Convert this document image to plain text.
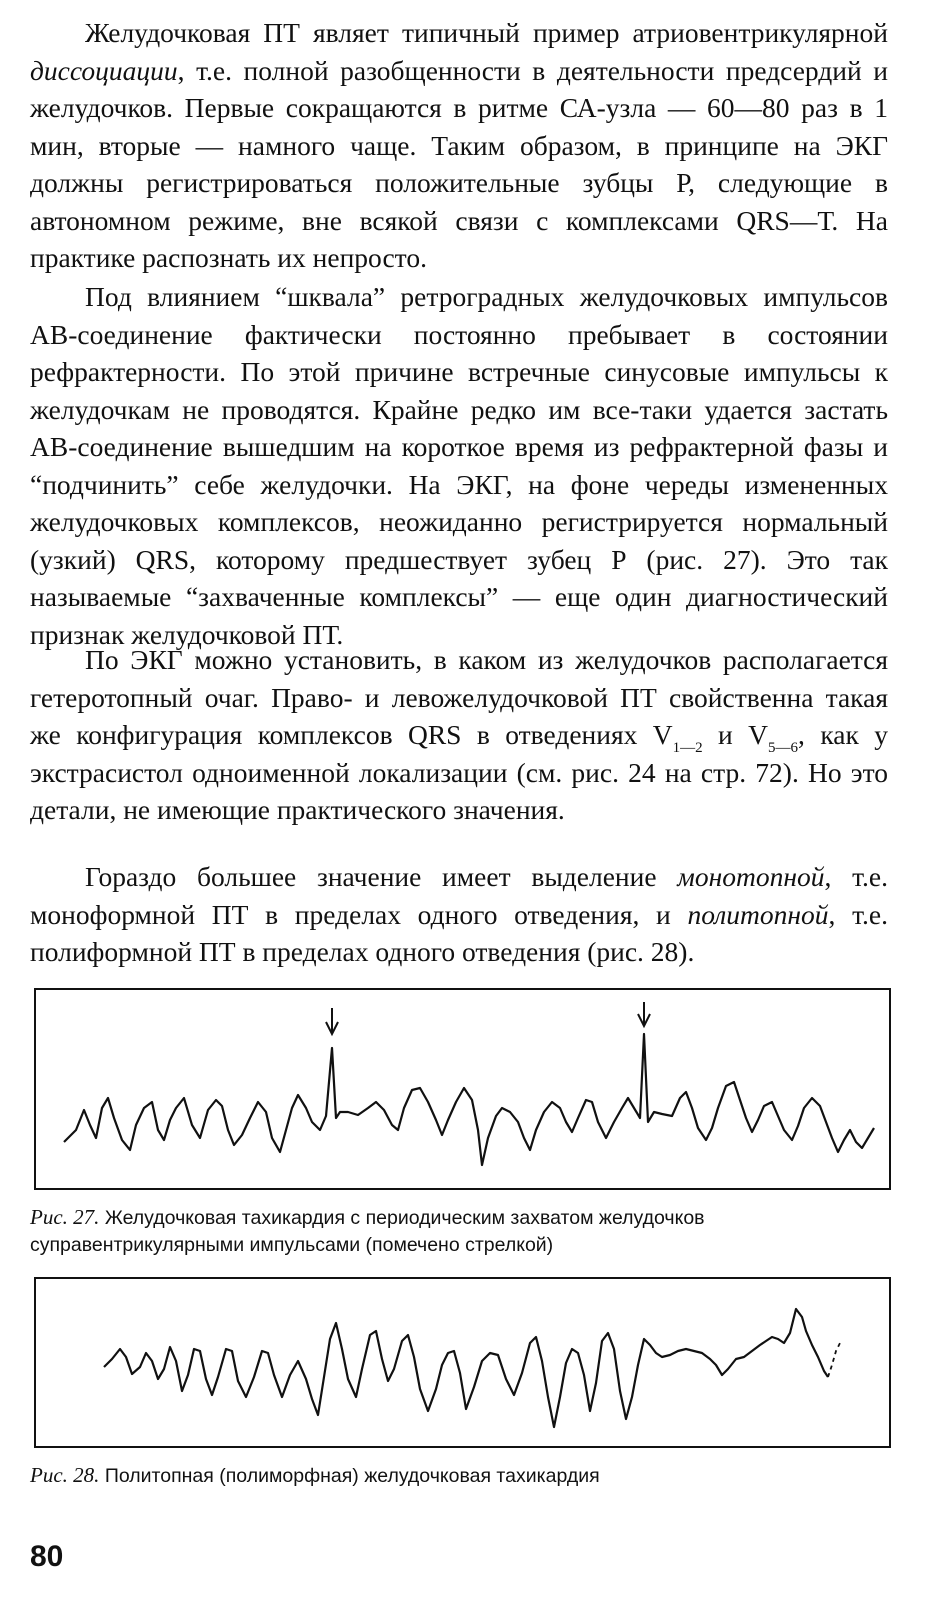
Желудочковая ПТ являет типичный пример атриовентрикулярной диссоциации, т.е. полной разобщенности в деятельности предсердий и желудочков. Первые сокращаются в ритме СА-узла — 60—80 раз в 1 мин, вторые — намного чаще. Таким образом, в принципе на ЭКГ должны регистрироваться положительные зубцы Р, следующие в автономном режиме, вне всякой связи с комплексами QRS—Т. На практике распознать их непросто.

Под влиянием “шквала” ретроградных желудочковых импульсов АВ-соединение фактически постоянно пребывает в состоянии рефрактерности. По этой причине встречные синусовые импульсы к желудочкам не проводятся. Крайне редко им все-таки удается застать АВ-соединение вышедшим на короткое время из рефрактерной фазы и “подчинить” себе желудочки. На ЭКГ, на фоне череды измененных желудочковых комплексов, неожиданно регистрируется нормальный (узкий) QRS, которому предшествует зубец Р (рис. 27). Это так называемые “захваченные комплексы” — еще один диагностический признак желудочковой ПТ.

По ЭКГ можно установить, в каком из желудочков располагается гетеротопный очаг. Право- и левожелудочковой ПТ свойственна такая же конфигурация комплексов QRS в отведениях $V_{1—2}$ и $V_{5—6}$, как у экстрасистол одноименной локализации (см. рис. 24 на стр. 72). Но это детали, не имеющие практического значения.

Гораздо большее значение имеет выделение монотопной, т.е. моноформной ПТ в пределах одного отведения, и политопной, т.е. полиформной ПТ в пределах одного отведения (рис. 28).

Рис. 27. Желудочковая тахикардия с периодическим захватом желудочков суправентрикулярными импульсами (помечено стрелкой)

Рис. 28. Политопная (полиморфная) желудочковая тахикардия

80
